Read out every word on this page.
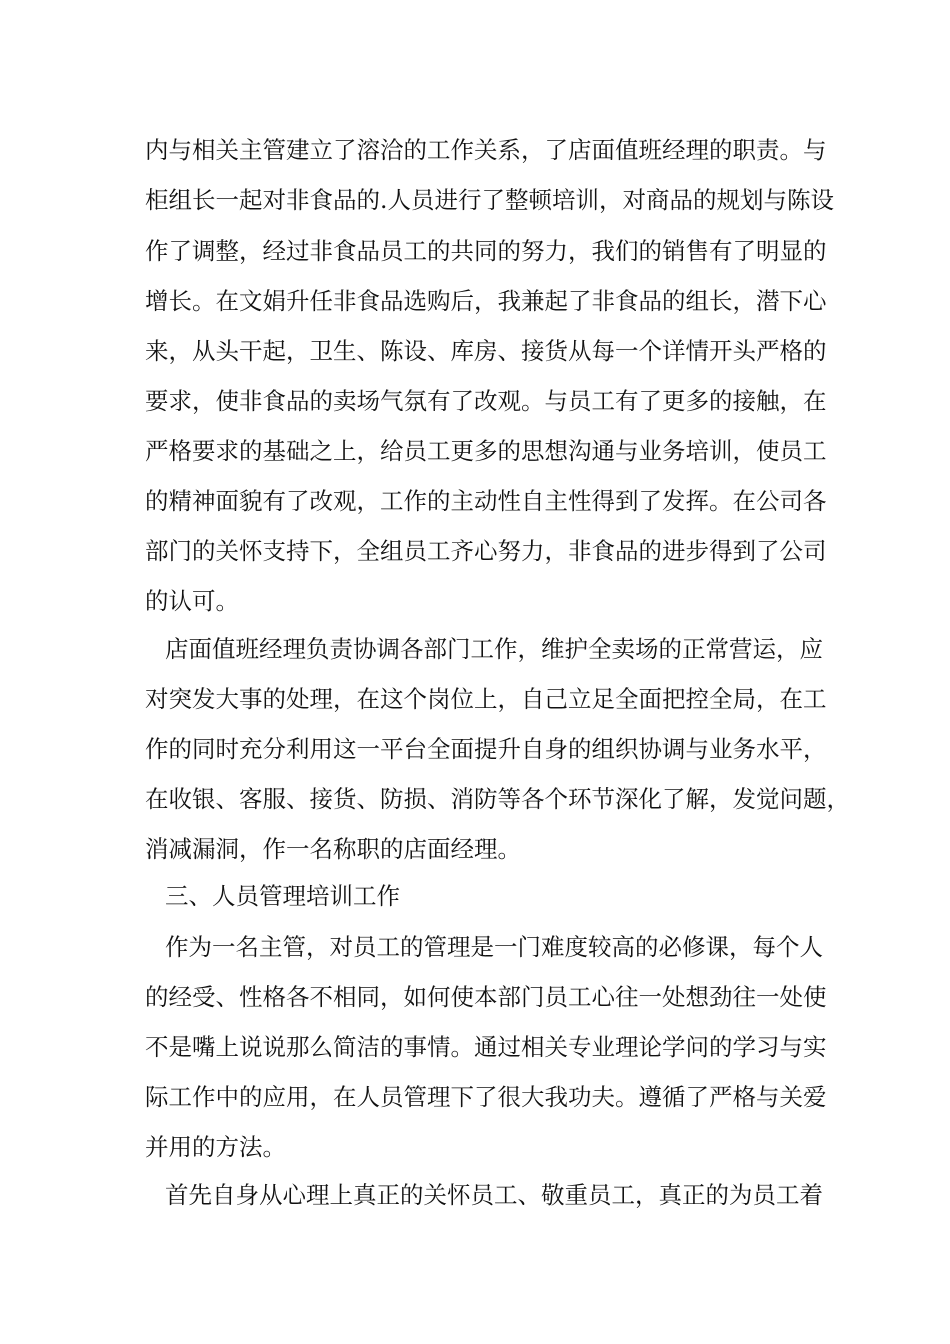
内与相关主管建立了溶洽的工作关系，了店面值班经理的职责。与
柜组长一起对非食品的.人员进行了整顿培训，对商品的规划与陈设
作了调整，经过非食品员工的共同的努力，我们的销售有了明显的
增长。在文娟升任非食品选购后，我兼起了非食品的组长，潜下心
来，从头干起，卫生、陈设、库房、接货从每一个详情开头严格的
要求，使非食品的卖场气氛有了改观。与员工有了更多的接触，在
严格要求的基础之上，给员工更多的思想沟通与业务培训，使员工
的精神面貌有了改观，工作的主动性自主性得到了发挥。在公司各
部门的关怀支持下，全组员工齐心努力，非食品的进步得到了公司
的认可。
店面值班经理负责协调各部门工作，维护全卖场的正常营运，应
对突发大事的处理，在这个岗位上，自己立足全面把控全局，在工
作的同时充分利用这一平台全面提升自身的组织协调与业务水平，
在收银、客服、接货、防损、消防等各个环节深化了解，发觉问题，
消减漏洞，作一名称职的店面经理。
三、人员管理培训工作
作为一名主管，对员工的管理是一门难度较高的必修课，每个人
的经受、性格各不相同，如何使本部门员工心往一处想劲往一处使
不是嘴上说说那么简洁的事情。通过相关专业理论学问的学习与实
际工作中的应用，在人员管理下了很大我功夫。遵循了严格与关爱
并用的方法。
首先自身从心理上真正的关怀员工、敬重员工，真正的为员工着
